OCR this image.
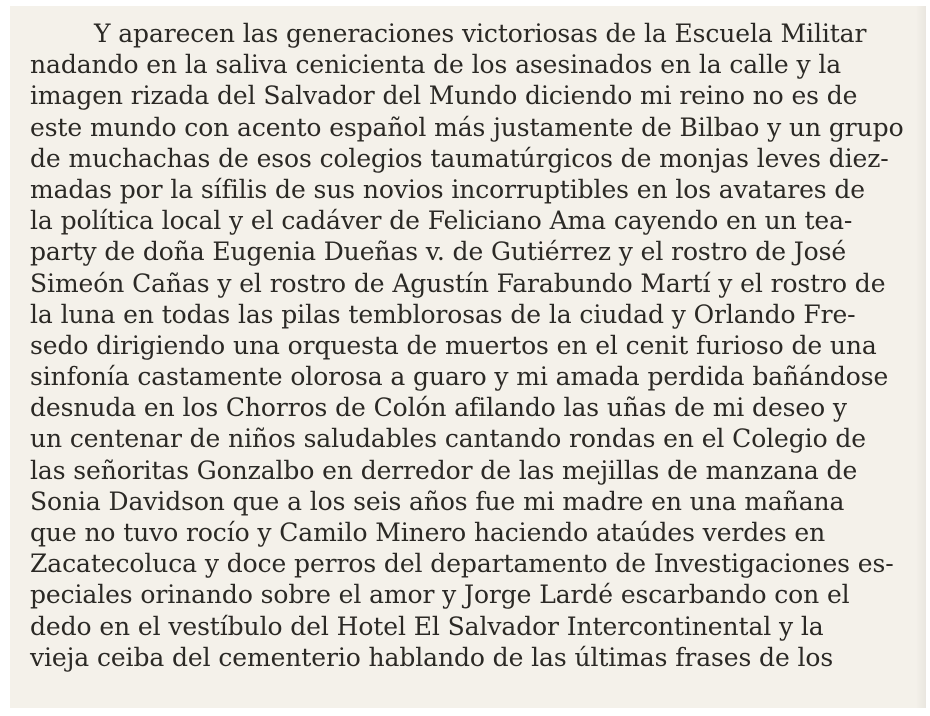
Y aparecen las generaciones victoriosas de la Escuela Militar
nadando en la saliva cenicienta de los asesinados en la calle y la
imagen rizada del Salvador del Mundo diciendo mi reino no es de
este mundo con acento español más justamente de Bilbao y un grupo
de muchachas de esos colegios taumatúrgicos de monjas leves diez-
madas por la sífilis de sus novios incorruptibles en los avatares de
la política local y el cadáver de Feliciano Ama cayendo en un tea-
party de doña Eugenia Dueñas v. de Gutiérrez y el rostro de José
Simeón Cañas y el rostro de Agustín Farabundo Martí y el rostro de
la luna en todas las pilas temblorosas de la ciudad y Orlando Fre-
sedo dirigiendo una orquesta de muertos en el cenit furioso de una
sinfonía castamente olorosa a guaro y mi amada perdida bañándose
desnuda en los Chorros de Colón afilando las uñas de mi deseo y
un centenar de niños saludables cantando rondas en el Colegio de
las señoritas Gonzalbo en derredor de las mejillas de manzana de
Sonia Davidson que a los seis años fue mi madre en una mañana
que no tuvo rocío y Camilo Minero haciendo ataúdes verdes en
Zacatecoluca y doce perros del departamento de Investigaciones es-
peciales orinando sobre el amor y Jorge Lardé escarbando con el
dedo en el vestíbulo del Hotel El Salvador Intercontinental y la
vieja ceiba del cementerio hablando de las últimas frases de los
